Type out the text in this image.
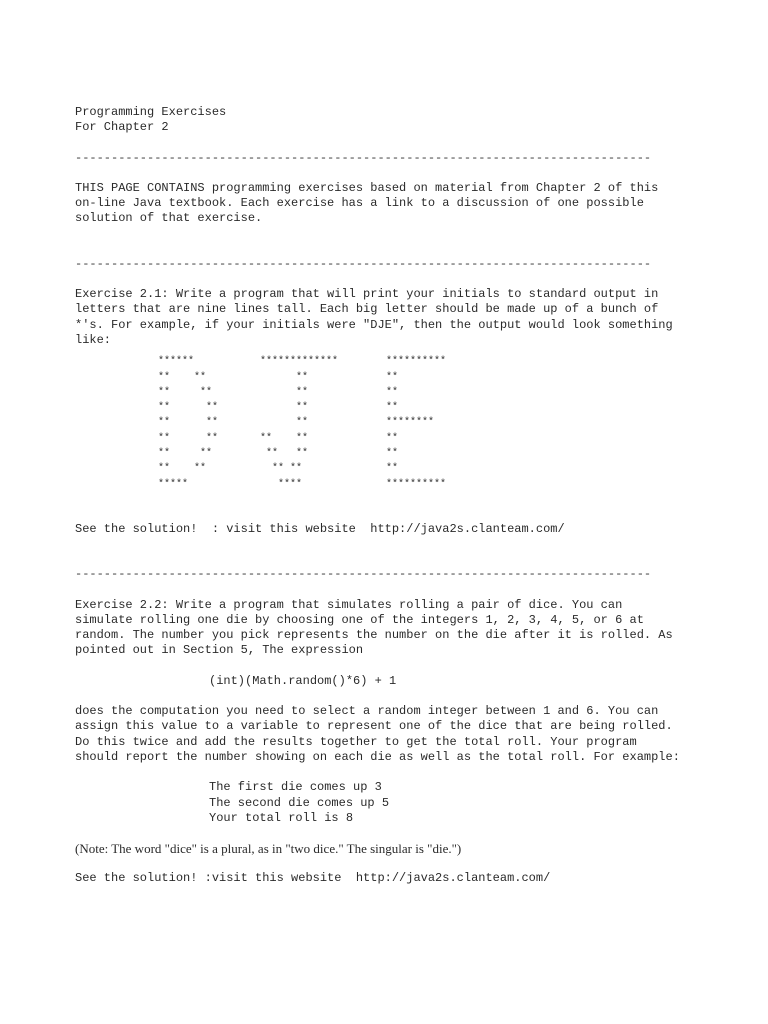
Programming Exercises
For Chapter 2
--------------------------------------------------------------------------------
THIS PAGE CONTAINS programming exercises based on material from Chapter 2 of this on-line Java textbook. Each exercise has a link to a discussion of one possible solution of that exercise.
--------------------------------------------------------------------------------
Exercise 2.1: Write a program that will print your initials to standard output in letters that are nine lines tall. Each big letter should be made up of a bunch of *'s. For example, if your initials were "DJE", then the output would look something like:
******           *************        **********
**    **               **             **
**     **              **             **
**      **             **             **
**      **             **             ********
**      **       **    **             **
**     **         **   **             **
**    **           ** **              **
*****               ****              **********
See the solution!  : visit this website  http://java2s.clanteam.com/
--------------------------------------------------------------------------------
Exercise 2.2: Write a program that simulates rolling a pair of dice. You can simulate rolling one die by choosing one of the integers 1, 2, 3, 4, 5, or 6 at random. The number you pick represents the number on the die after it is rolled. As pointed out in Section 5, The expression
(int)(Math.random()*6) + 1
does the computation you need to select a random integer between 1 and 6. You can assign this value to a variable to represent one of the dice that are being rolled. Do this twice and add the results together to get the total roll. Your program should report the number showing on each die as well as the total roll. For example:
The first die comes up 3
The second die comes up 5
Your total roll is 8
(Note: The word "dice" is a plural, as in "two dice." The singular is "die.")
See the solution! :visit this website  http://java2s.clanteam.com/
